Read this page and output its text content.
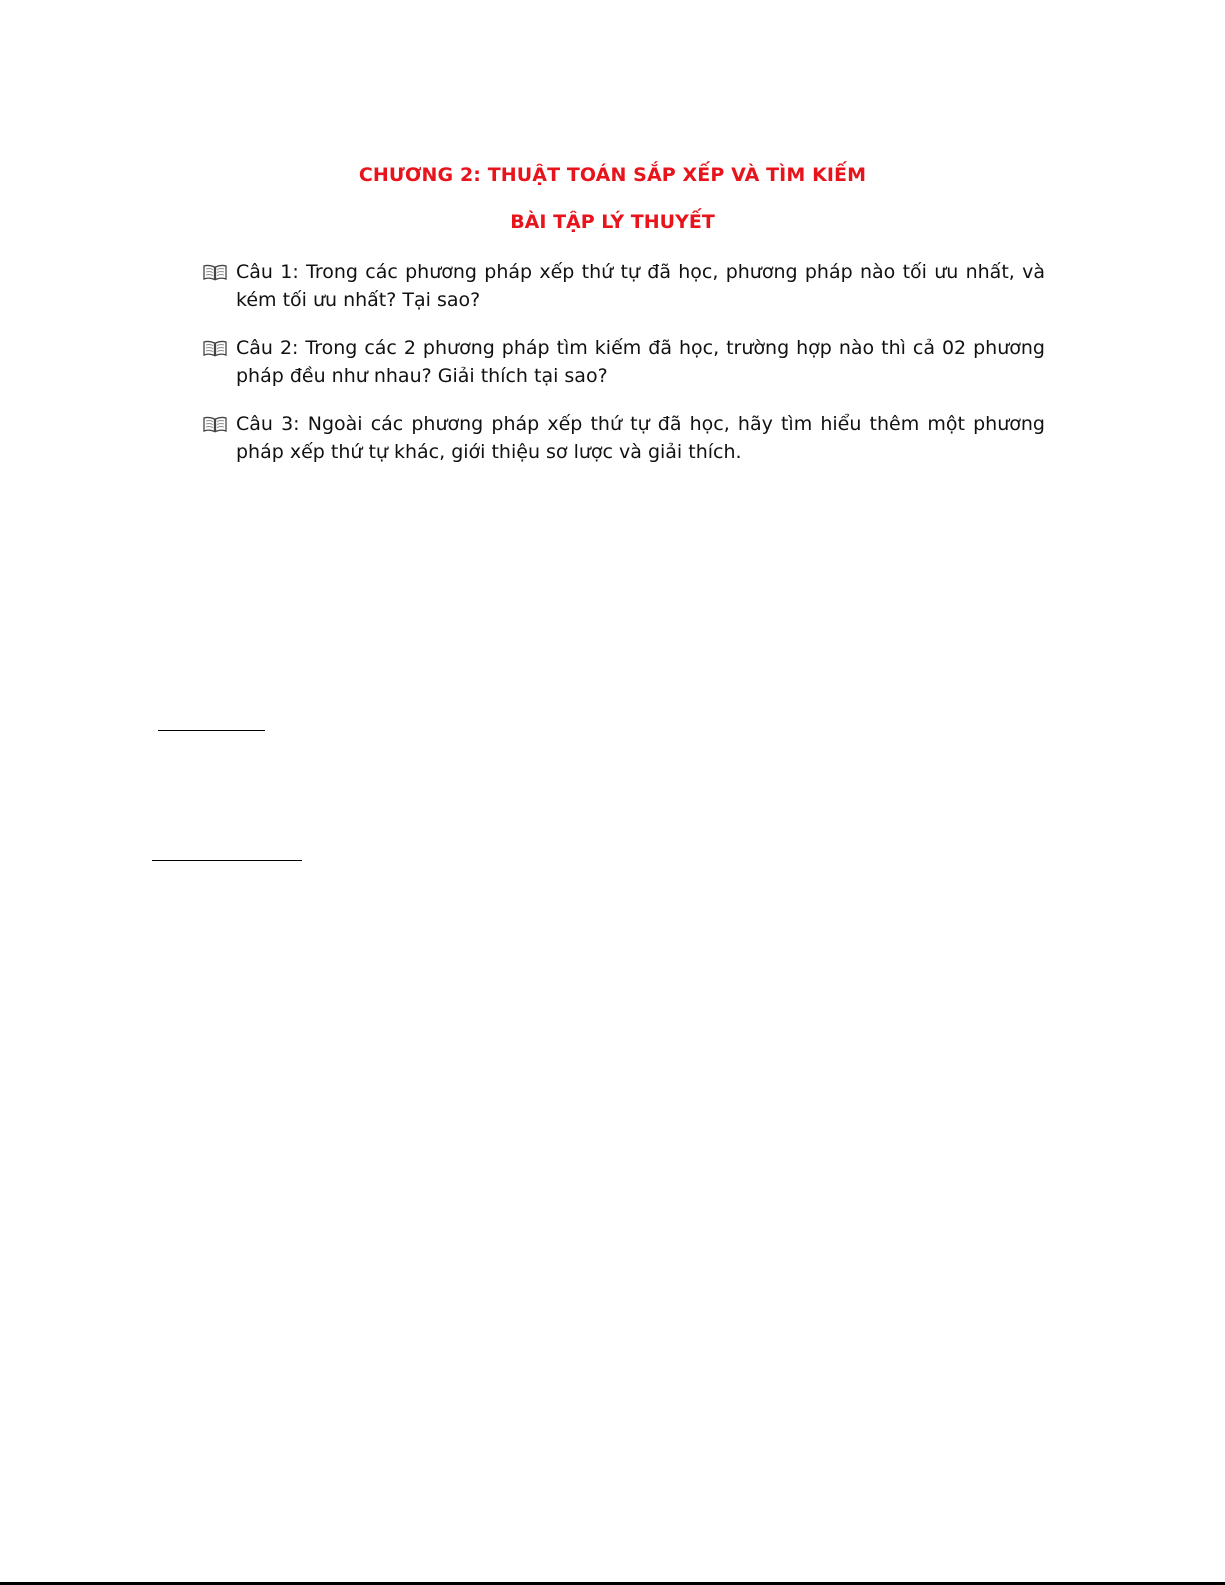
CHƯƠNG 2: THUẬT TOÁN SẮP XẾP VÀ TÌM KIẾM
BÀI TẬP LÝ THUYẾT
Câu 1: Trong các phương pháp xếp thứ tự đã học, phương pháp nào tối ưu nhất, và kém tối ưu nhất? Tại sao?
Câu 2: Trong các 2 phương pháp tìm kiếm đã học, trường hợp nào thì cả 02 phương pháp đều như nhau? Giải thích tại sao?
Câu 3: Ngoài các phương pháp xếp thứ tự đã học, hãy tìm hiểu thêm một phương pháp xếp thứ tự khác, giới thiệu sơ lược và giải thích.
